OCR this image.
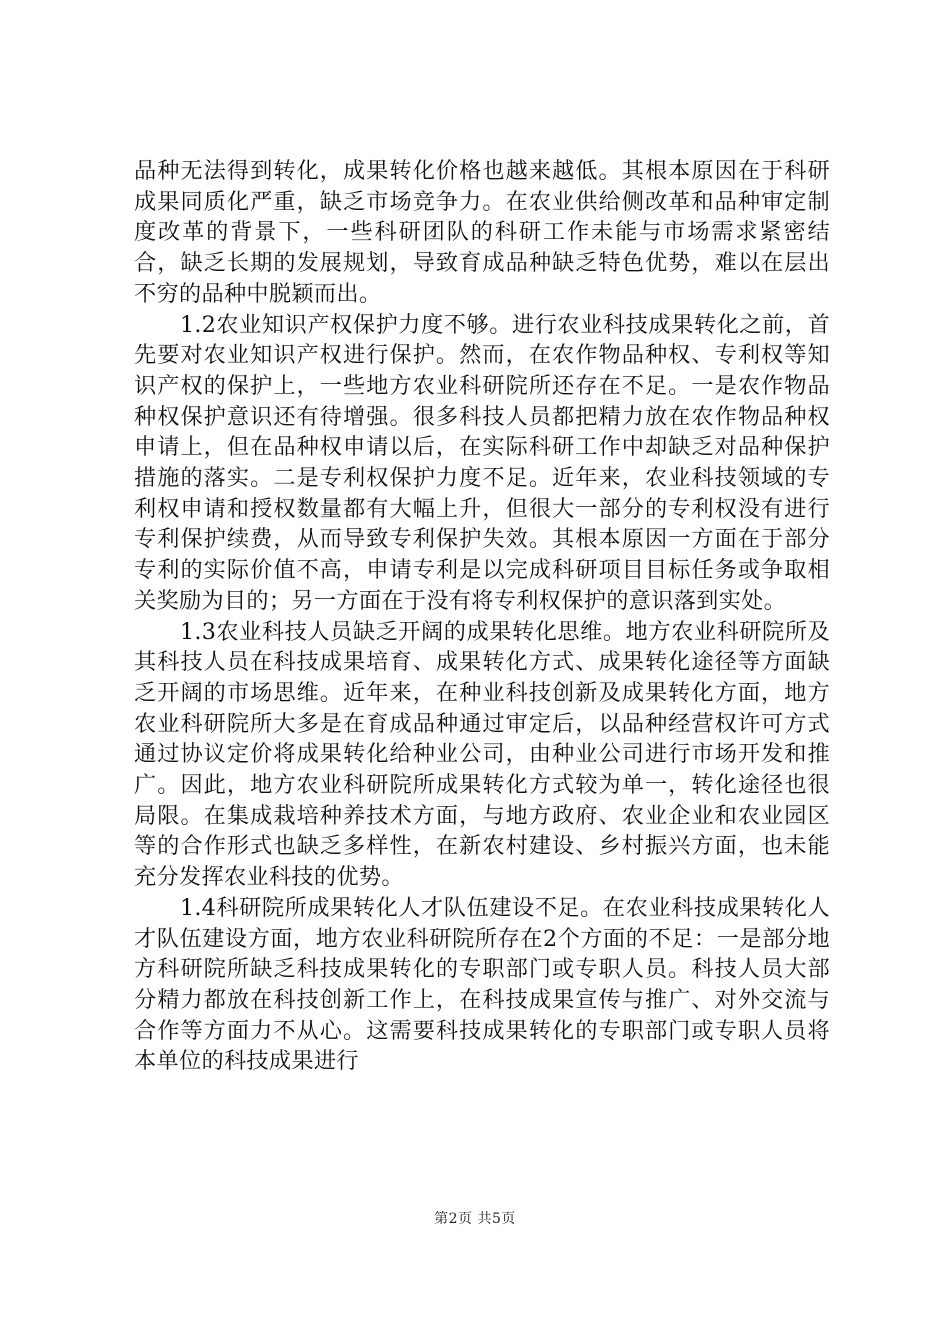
品种无法得到转化，成果转化价格也越来越低。其根本原因在于科研成果同质化严重，缺乏市场竞争力。在农业供给侧改革和品种审定制度改革的背景下，一些科研团队的科研工作未能与市场需求紧密结合，缺乏长期的发展规划，导致育成品种缺乏特色优势，难以在层出不穷的品种中脱颖而出。

1.2农业知识产权保护力度不够。进行农业科技成果转化之前，首先要对农业知识产权进行保护。然而，在农作物品种权、专利权等知识产权的保护上，一些地方农业科研院所还存在不足。一是农作物品种权保护意识还有待增强。很多科技人员都把精力放在农作物品种权申请上，但在品种权申请以后，在实际科研工作中却缺乏对品种保护措施的落实。二是专利权保护力度不足。近年来，农业科技领域的专利权申请和授权数量都有大幅上升，但很大一部分的专利权没有进行专利保护续费，从而导致专利保护失效。其根本原因一方面在于部分专利的实际价值不高，申请专利是以完成科研项目目标任务或争取相关奖励为目的；另一方面在于没有将专利权保护的意识落到实处。

1.3农业科技人员缺乏开阔的成果转化思维。地方农业科研院所及其科技人员在科技成果培育、成果转化方式、成果转化途径等方面缺乏开阔的市场思维。近年来，在种业科技创新及成果转化方面，地方农业科研院所大多是在育成品种通过审定后，以品种经营权许可方式通过协议定价将成果转化给种业公司，由种业公司进行市场开发和推广。因此，地方农业科研院所成果转化方式较为单一，转化途径也很局限。在集成栽培种养技术方面，与地方政府、农业企业和农业园区等的合作形式也缺乏多样性，在新农村建设、乡村振兴方面，也未能充分发挥农业科技的优势。

1.4科研院所成果转化人才队伍建设不足。在农业科技成果转化人才队伍建设方面，地方农业科研院所存在2个方面的不足：一是部分地方科研院所缺乏科技成果转化的专职部门或专职人员。科技人员大部分精力都放在科技创新工作上，在科技成果宣传与推广、对外交流与合作等方面力不从心。这需要科技成果转化的专职部门或专职人员将本单位的科技成果进行

第2页 共5页
